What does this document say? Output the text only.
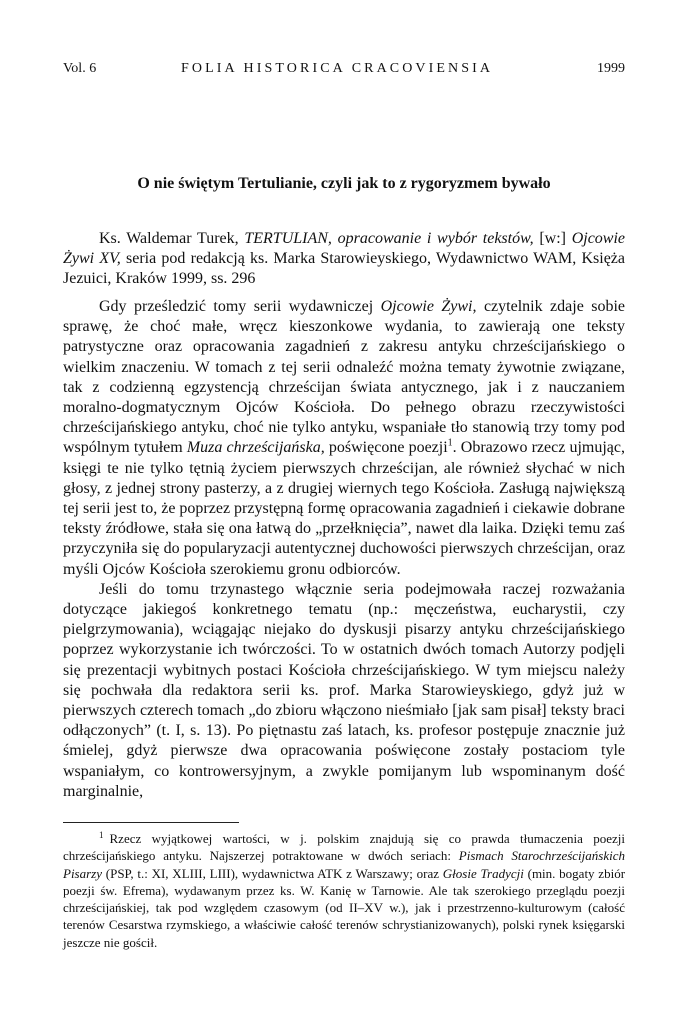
Vol. 6	FOLIA HISTORICA CRACOVIENSIA	1999
O nie świętym Tertulianie, czyli jak to z rygoryzmem bywało
Ks. Waldemar Turek, TERTULIAN, opracowanie i wybór tekstów, [w:] Ojcowie Żywi XV, seria pod redakcją ks. Marka Starowieyskiego, Wydawnictwo WAM, Księża Jezuici, Kraków 1999, ss. 296

Gdy prześledzić tomy serii wydawniczej Ojcowie Żywi, czytelnik zdaje sobie sprawę, że choć małe, wręcz kieszonkowe wydania, to zawierają one teksty patrystyczne oraz opracowania zagadnień z zakresu antyku chrześcijańskiego o wielkim znaczeniu. W tomach z tej serii odnaleźć można tematy żywotnie związane, tak z codzienną egzystencją chrześcijan świata antycznego, jak i z nauczaniem moralno-dogmatycznym Ojców Kościoła. Do pełnego obrazu rzeczywistości chrześcijańskiego antyku, choć nie tylko antyku, wspaniałe tło stanowią trzy tomy pod wspólnym tytułem Muza chrześcijańska, poświęcone poezji$^1$. Obrazowo rzecz ujmując, księgi te nie tylko tętnią życiem pierwszych chrześcijan, ale również słychać w nich głosy, z jednej strony pasterzy, a z drugiej wiernych tego Kościoła. Zasługą największą tej serii jest to, że poprzez przystępną formę opracowania zagadnień i ciekawie dobrane teksty źródłowe, stała się ona łatwą do „przełknięcia”, nawet dla laika. Dzięki temu zaś przyczyniła się do popularyzacji autentycznej duchowości pierwszych chrześcijan, oraz myśli Ojców Kościoła szerokiemu gronu odbiorców.

Jeśli do tomu trzynastego włącznie seria podejmowała raczej rozważania dotyczące jakiegoś konkretnego tematu (np.: męczeństwa, eucharystii, czy pielgrzymowania), wciągając niejako do dyskusji pisarzy antyku chrześcijańskiego poprzez wykorzystanie ich twórczości. To w ostatnich dwóch tomach Autorzy podjęli się prezentacji wybitnych postaci Kościoła chrześcijańskiego. W tym miejscu należy się pochwała dla redaktora serii ks. prof. Marka Starowieyskiego, gdyż już w pierwszych czterech tomach „do zbioru włączono nieśmiało [jak sam pisał] teksty braci odłączonych” (t. I, s. 13). Po piętnastu zaś latach, ks. profesor postępuje znacznie już śmielej, gdyż pierwsze dwa opracowania poświęcone zostały postaciom tyle wspaniałym, co kontrowersyjnym, a zwykle pomijanym lub wspominanym dość marginalnie,

$^1$ Rzecz wyjątkowej wartości, w j. polskim znajdują się co prawda tłumaczenia poezji chrześcijańskiego antyku. Najszerzej potraktowane w dwóch seriach: Pismach Starochrześcijańskich Pisarzy (PSP, t.: XI, XLIII, LIII), wydawnictwa ATK z Warszawy; oraz Głosie Tradycji (min. bogaty zbiór poezji św. Efrema), wydawanym przez ks. W. Kanię w Tarnowie. Ale tak szerokiego przeglądu poezji chrześcijańskiej, tak pod względem czasowym (od II–XV w.), jak i przestrzenno-kulturowym (całość terenów Cesarstwa rzymskiego, a właściwie całość terenów schrystianizowanych), polski rynek księgarski jeszcze nie gościł.
